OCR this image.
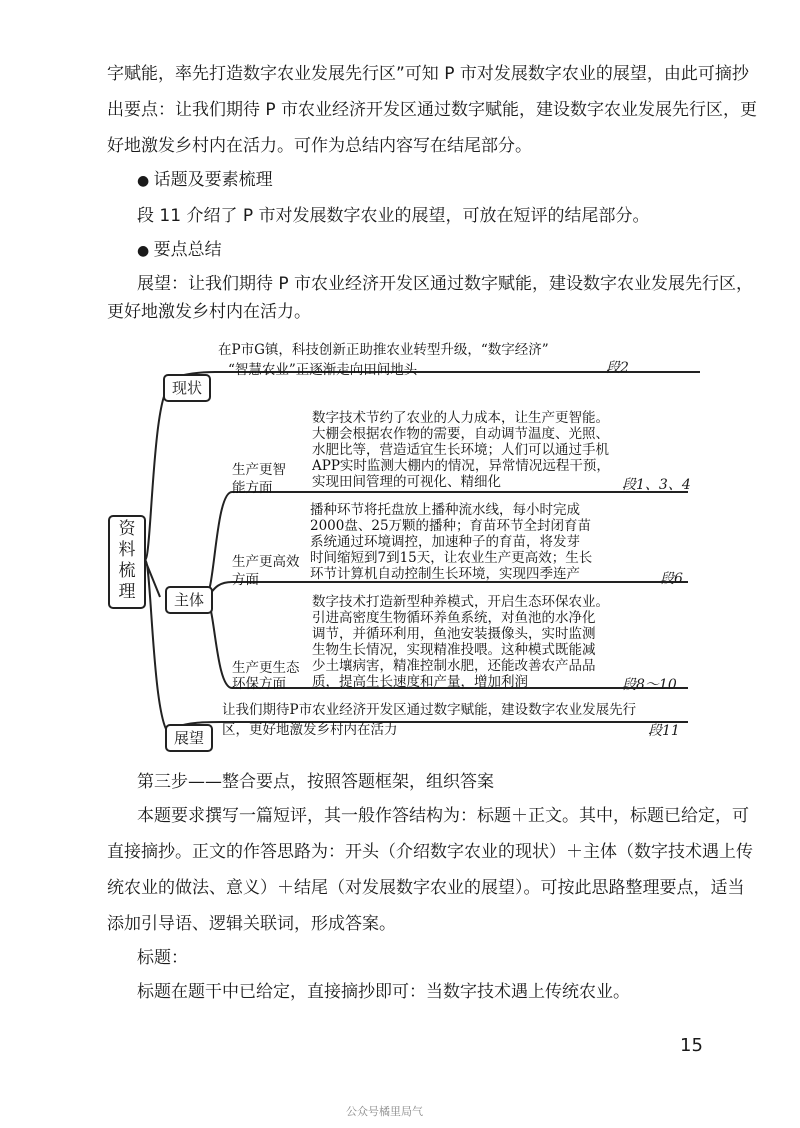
字赋能，率先打造数字农业发展先行区”可知 P 市对发展数字农业的展望，由此可摘抄
出要点：让我们期待 P 市农业经济开发区通过数字赋能，建设数字农业发展先行区，更
好地激发乡村内在活力。可作为总结内容写在结尾部分。
● 话题及要素梳理
段 11 介绍了 P 市对发展数字农业的展望，可放在短评的结尾部分。
● 要点总结
展望：让我们期待 P 市农业经济开发区通过数字赋能，建设数字农业发展先行区，
更好地激发乡村内在活力。
资
料
梳
理
现状
在P市G镇，科技创新正助推农业转型升级，“数字经济”
“智慧农业”正逐渐走向田间地头	段2
主体
生产更智
能方面
数字技术节约了农业的人力成本，让生产更智能。
大棚会根据农作物的需要，自动调节温度、光照、
水肥比等，营造适宜生长环境；人们可以通过手机
APP实时监测大棚内的情况，异常情况远程干预，
实现田间管理的可视化、精细化	段1、3、4
生产更高效
方面
播种环节将托盘放上播种流水线，每小时完成
2000盘、25万颗的播种；育苗环节全封闭育苗
系统通过环境调控，加速种子的育苗，将发芽
时间缩短到7到15天，让农业生产更高效；生长
环节计算机自动控制生长环境，实现四季连产	段6
生产更生态
环保方面
数字技术打造新型种养模式，开启生态环保农业。
引进高密度生物循环养鱼系统，对鱼池的水净化
调节，并循环利用，鱼池安装摄像头，实时监测
生物生长情况，实现精准投喂。这种模式既能减
少土壤病害，精准控制水肥，还能改善农产品品
质，提高生长速度和产量，增加利润	段8～10
展望
让我们期待P市农业经济开发区通过数字赋能，建设数字农业发展先行
区，更好地激发乡村内在活力	段11
第三步——整合要点，按照答题框架，组织答案
本题要求撰写一篇短评，其一般作答结构为：标题＋正文。其中，标题已给定，可
直接摘抄。正文的作答思路为：开头（介绍数字农业的现状）＋主体（数字技术遇上传
统农业的做法、意义）＋结尾（对发展数字农业的展望）。可按此思路整理要点，适当
添加引导语、逻辑关联词，形成答案。
标题：
标题在题干中已给定，直接摘抄即可：当数字技术遇上传统农业。
15
公众号橘里局气
